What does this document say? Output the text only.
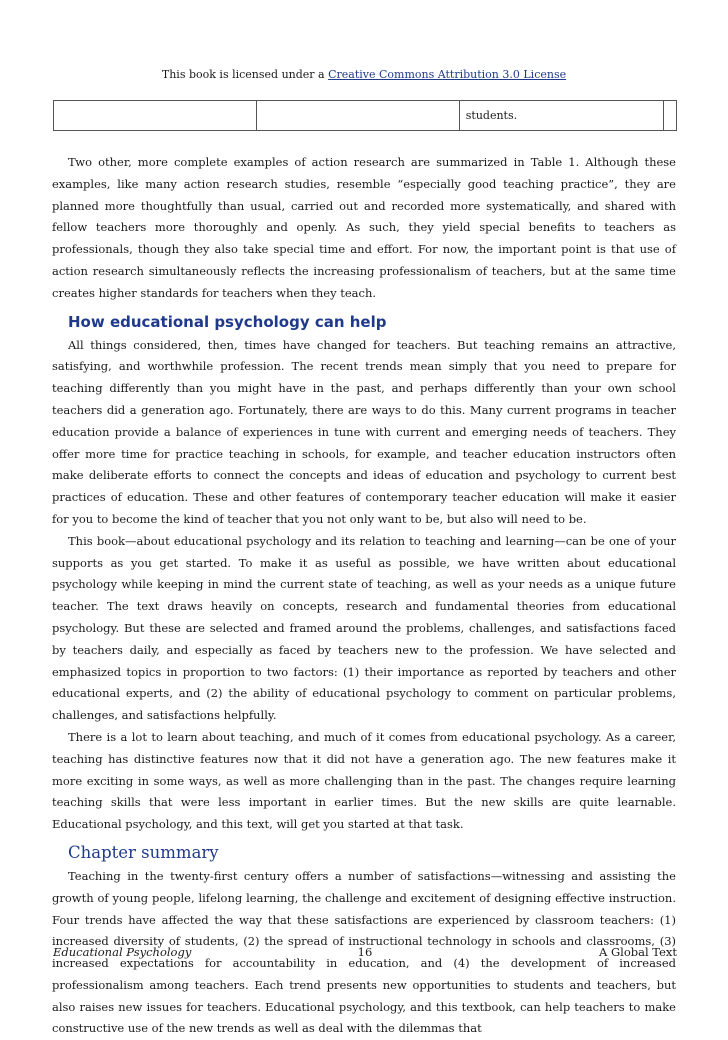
This book is licensed under a Creative Commons Attribution 3.0 License
		students.	

Two other, more complete examples of action research are summarized in Table 1. Although these examples, like many action research studies, resemble “especially good teaching practice”, they are planned more thoughtfully than usual, carried out and recorded more systematically, and shared with fellow teachers more thoroughly and openly. As such, they yield special benefits to teachers as professionals, though they also take special time and effort. For now, the important point is that use of action research simultaneously reflects the increasing professionalism of teachers, but at the same time creates higher standards for teachers when they teach.

How educational psychology can help

All things considered, then, times have changed for teachers. But teaching remains an attractive, satisfying, and worthwhile profession. The recent trends mean simply that you need to prepare for teaching differently than you might have in the past, and perhaps differently than your own school teachers did a generation ago. Fortunately, there are ways to do this. Many current programs in teacher education provide a balance of experiences in tune with current and emerging needs of teachers. They offer more time for practice teaching in schools, for example, and teacher education instructors often make deliberate efforts to connect the concepts and ideas of education and psychology to current best practices of education. These and other features of contemporary teacher education will make it easier for you to become the kind of teacher that you not only want to be, but also will need to be.

This book—about educational psychology and its relation to teaching and learning—can be one of your supports as you get started. To make it as useful as possible, we have written about educational psychology while keeping in mind the current state of teaching, as well as your needs as a unique future teacher. The text draws heavily on concepts, research and fundamental theories from educational psychology. But these are selected and framed around the problems, challenges, and satisfactions faced by teachers daily, and especially as faced by teachers new to the profession. We have selected and emphasized topics in proportion to two factors: (1) their importance as reported by teachers and other educational experts, and (2) the ability of educational psychology to comment on particular problems, challenges, and satisfactions helpfully.

There is a lot to learn about teaching, and much of it comes from educational psychology. As a career, teaching has distinctive features now that it did not have a generation ago. The new features make it more exciting in some ways, as well as more challenging than in the past. The changes require learning teaching skills that were less important in earlier times. But the new skills are quite learnable. Educational psychology, and this text, will get you started at that task.

Chapter summary

Teaching in the twenty-first century offers a number of satisfactions—witnessing and assisting the growth of young people, lifelong learning, the challenge and excitement of designing effective instruction. Four trends have affected the way that these satisfactions are experienced by classroom teachers: (1) increased diversity of students, (2) the spread of instructional technology in schools and classrooms, (3) increased expectations for accountability in education, and (4) the development of increased professionalism among teachers. Each trend presents new opportunities to students and teachers, but also raises new issues for teachers. Educational psychology, and this textbook, can help teachers to make constructive use of the new trends as well as deal with the dilemmas that

Educational Psychology	16	A Global Text
